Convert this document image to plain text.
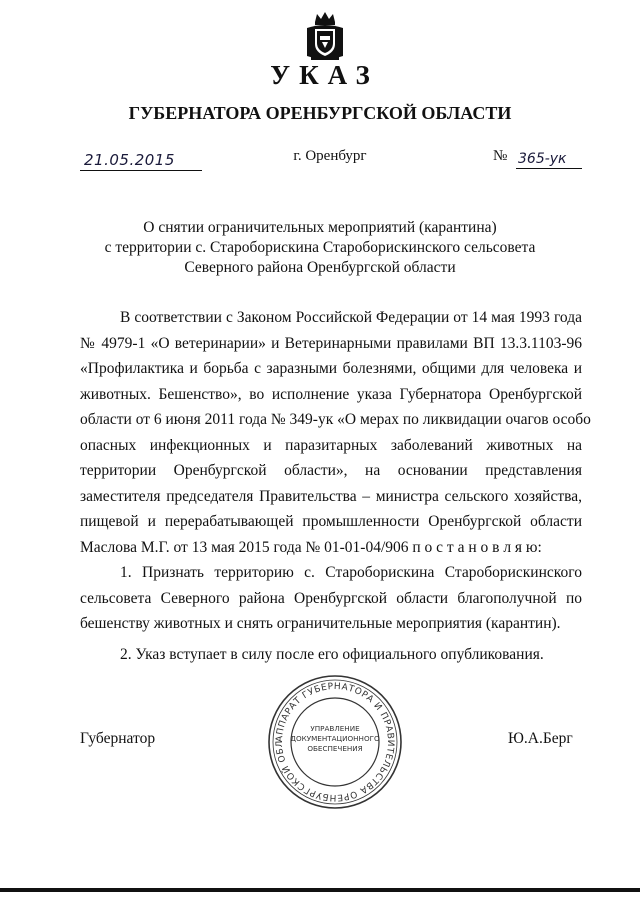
УКАЗ
ГУБЕРНАТОРА ОРЕНБУРГСКОЙ ОБЛАСТИ
21.05.2015	г. Оренбург	№ 365-ук
О снятии ограничительных мероприятий (карантина)
с территории с. Староборискина Староборискинского сельсовета
Северного района Оренбургской области
В соответствии с Законом Российской Федерации от 14 мая 1993 года
№ 4979-1 «О ветеринарии» и Ветеринарными правилами ВП 13.3.1103-96
«Профилактика и борьба с заразными болезнями, общими для человека и
животных. Бешенство», во исполнение указа Губернатора Оренбургской
области от 6 июня 2011 года № 349-ук «О мерах по ликвидации очагов особо
опасных инфекционных и паразитарных заболеваний животных на
территории Оренбургской области», на основании представления
заместителя председателя Правительства – министра сельского хозяйства,
пищевой и перерабатывающей промышленности Оренбургской области
Маслова М.Г. от 13 мая 2015 года № 01-01-04/906 п о с т а н о в л я ю:
1. Признать территорию с. Староборискина Староборискинского
сельсовета Северного района Оренбургской области благополучной по
бешенству животных и снять ограничительные мероприятия (карантин).
2. Указ вступает в силу после его официального опубликования.
Губернатор	Ю.А.Берг
АППАРАТ ГУБЕРНАТОРА И ПРАВИТЕЛЬСТВА ОРЕНБУРГСКОЙ ОБЛ
УПРАВЛЕНИЕ
ДОКУМЕНТАЦИОННОГО
ОБЕСПЕЧЕНИЯ
